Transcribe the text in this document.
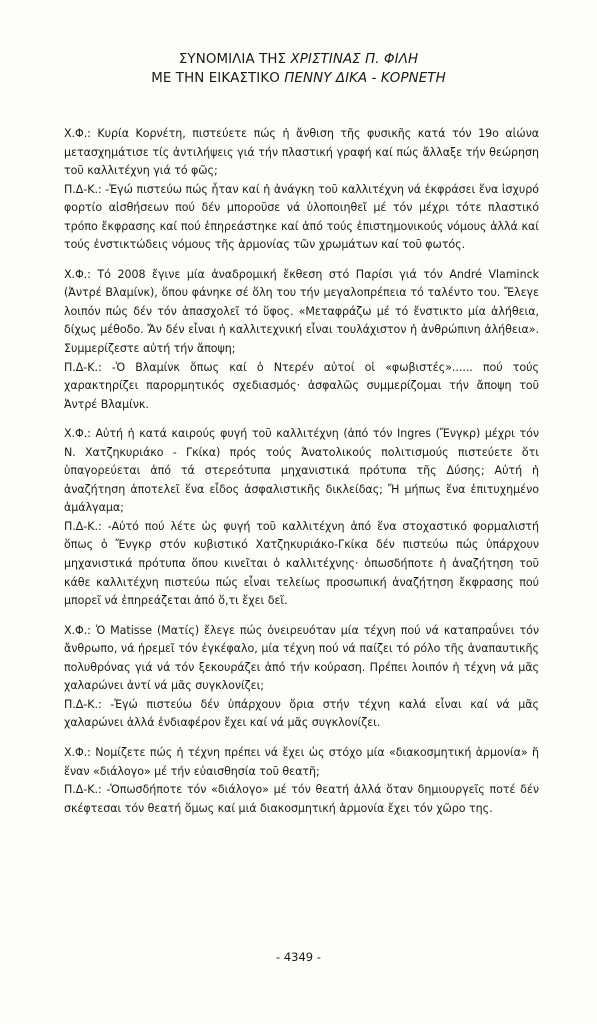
ΣΥΝΟΜΙΛΙΑ ΤΗΣ ΧΡΙΣΤΙΝΑΣ Π. ΦΙΛΗ
ΜΕ ΤΗΝ ΕΙΚΑΣΤΙΚΟ ΠΕΝΝΥ ΔΙΚΑ - ΚΟΡΝΕΤΗ

Χ.Φ.: Κυρία Κορνέτη, πιστεύετε πώς ἡ ἄνθιση τῆς φυσικῆς κατά τόν 19ο αἰώνα μετασχημάτισε τίς ἀντιλήψεις γιά τήν πλαστική γραφή καί πώς ἄλλαξε τήν θεώρηση τοῦ καλλιτέχνη γιά τό φῶς;

Π.Δ-Κ.: -Ἐγώ πιστεύω πώς ἦταν καί ἡ ἀνάγκη τοῦ καλλιτέχνη νά ἐκφράσει ἕνα ἰσχυρό φορτίο αἰσθήσεων πού δέν μποροῦσε νά ὑλοποιηθεῖ μέ τόν μέχρι τότε πλαστικό τρόπο ἔκφρασης καί πού ἐπηρεάστηκε καί ἀπό τούς ἐπιστημονικούς νόμους ἀλλά καί τούς ἐνστικτώδεις νόμους τῆς ἁρμονίας τῶν χρωμάτων καί τοῦ φωτός.

Χ.Φ.: Τό 2008 ἔγινε μία ἀναδρομική ἔκθεση στό Παρίσι γιά τόν André Vlaminck (Ἀντρέ Βλαμίνκ), ὅπου φάνηκε σέ ὅλη του τήν μεγαλοπρέπεια τό ταλέντο του. Ἔλεγε λοιπόν πώς δέν τόν ἀπασχολεῖ τό ὕφος. «Μεταφράζω μέ τό ἔνστικτο μία ἀλήθεια, δίχως μέθοδο. Ἄν δέν εἶναι ἡ καλλιτεχνική εἶναι τουλάχιστον ἡ ἀνθρώπινη ἀλήθεια». Συμμερίζεστε αὐτή τήν ἄποψη;

Π.Δ-Κ.: -Ὁ Βλαμίνκ ὅπως καί ὁ Ντερέν αὐτοί οἱ «φωβιστές»...... πού τούς χαρακτηρίζει παρορμητικός σχεδιασμός· ἀσφαλῶς συμμερίζομαι τήν ἄποψη τοῦ Ἀντρέ Βλαμίνκ.

Χ.Φ.: Αὐτή ἡ κατά καιρούς φυγή τοῦ καλλιτέχνη (ἀπό τόν Ingres (Ἔνγκρ) μέχρι τόν Ν. Χατζηκυριάκο - Γκίκα) πρός τούς Ἀνατολικούς πολιτισμούς πιστεύετε ὅτι ὑπαγορεύεται ἀπό τά στερεότυπα μηχανιστικά πρότυπα τῆς Δύσης; Αὐτή ἡ ἀναζήτηση ἀποτελεῖ ἕνα εἶδος ἀσφαλιστικῆς δικλείδας; Ἤ μήπως ἕνα ἐπιτυχημένο ἀμάλγαμα;

Π.Δ-Κ.: -Αὐτό πού λέτε ὡς φυγή τοῦ καλλιτέχνη ἀπό ἕνα στοχαστικό φορμαλιστή ὅπως ὁ Ἔνγκρ στόν κυβιστικό Χατζηκυριάκο-Γκίκα δέν πιστεύω πώς ὑπάρχουν μηχανιστικά πρότυπα ὅπου κινεῖται ὁ καλλιτέχνης· ὁπωσδήποτε ἡ ἀναζήτηση τοῦ κάθε καλλιτέχνη πιστεύω πώς εἶναι τελείως προσωπική ἀναζήτηση ἔκφρασης πού μπορεῖ νά ἐπηρεάζεται ἀπό ὅ,τι ἔχει δεῖ.

Χ.Φ.: Ὁ Matisse (Ματίς) ἔλεγε πώς ὀνειρευόταν μία τέχνη πού νά καταπραΰνει τόν ἄνθρωπο, νά ἠρεμεῖ τόν ἐγκέφαλο, μία τέχνη πού νά παίζει τό ρόλο τῆς ἀναπαυτικῆς πολυθρόνας γιά νά τόν ξεκουράζει ἀπό τήν κούραση. Πρέπει λοιπόν ἡ τέχνη νά μᾶς χαλαρώνει ἀντί νά μᾶς συγκλονίζει;

Π.Δ-Κ.: -Ἐγώ πιστεύω δέν ὑπάρχουν ὅρια στήν τέχνη καλά εἶναι καί νά μᾶς χαλαρώνει ἀλλά ἐνδιαφέρον ἔχει καί νά μᾶς συγκλονίζει.

Χ.Φ.: Νομίζετε πώς ἡ τέχνη πρέπει νά ἔχει ὡς στόχο μία «διακοσμητική ἁρμονία» ἤ ἕναν «διάλογο» μέ τήν εὐαισθησία τοῦ θεατῆ;

Π.Δ-Κ.: -Ὁπωσδήποτε τόν «διάλογο» μέ τόν θεατή ἀλλά ὅταν δημιουργεῖς ποτέ δέν σκέφτεσαι τόν θεατή ὅμως καί μιά διακοσμητική ἁρμονία ἔχει τόν χῶρο της.

- 4349 -
